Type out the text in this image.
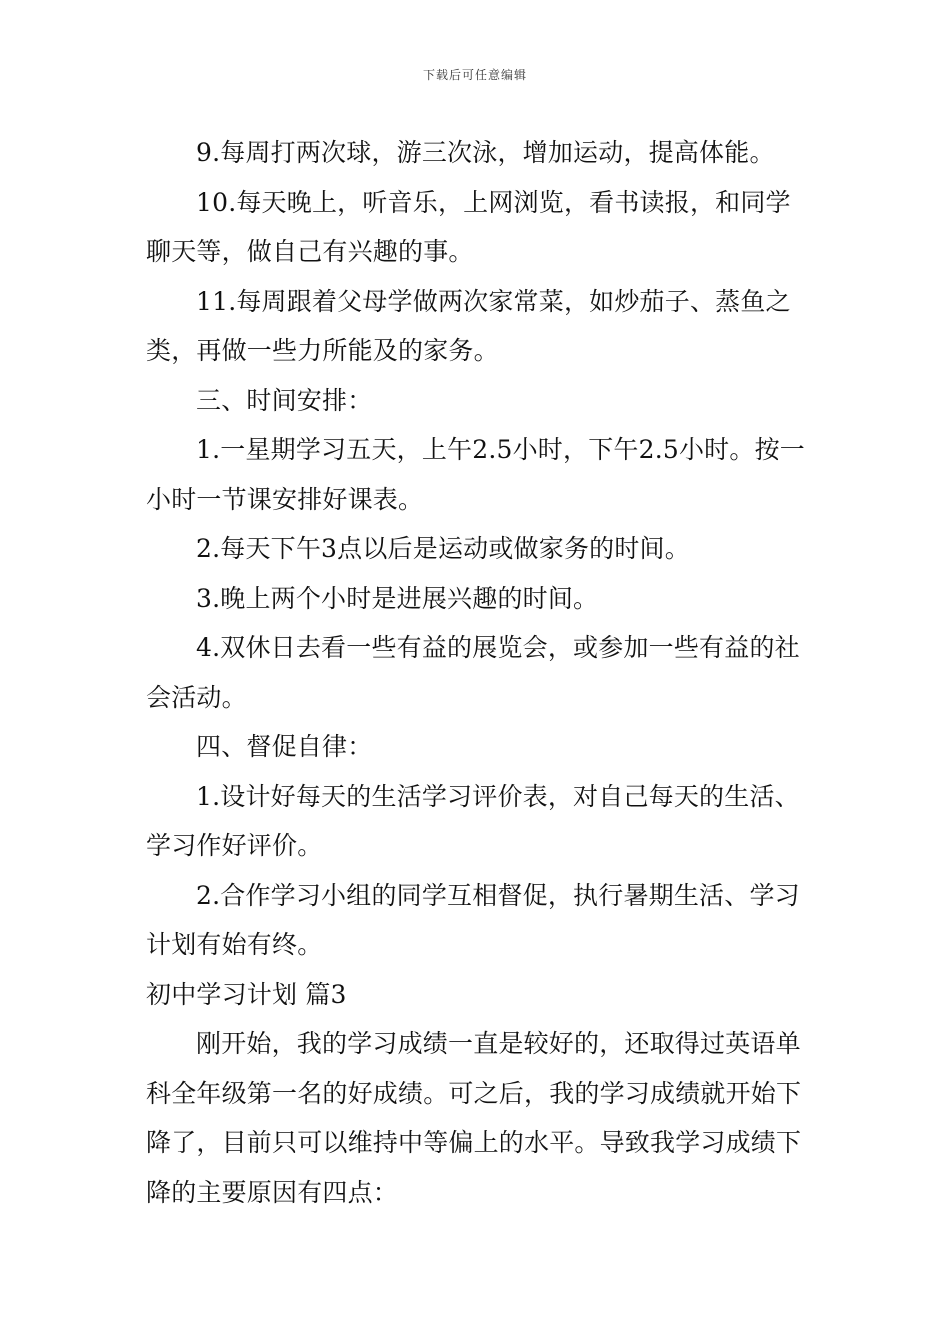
下载后可任意编辑

9.每周打两次球，游三次泳，增加运动，提高体能。

10.每天晚上，听音乐，上网浏览，看书读报，和同学聊天等，做自己有兴趣的事。

11.每周跟着父母学做两次家常菜，如炒茄子、蒸鱼之类，再做一些力所能及的家务。

三、时间安排：

1.一星期学习五天，上午2.5小时，下午2.5小时。按一小时一节课安排好课表。

2.每天下午3点以后是运动或做家务的时间。

3.晚上两个小时是进展兴趣的时间。

4.双休日去看一些有益的展览会，或参加一些有益的社会活动。

四、督促自律：

1.设计好每天的生活学习评价表，对自己每天的生活、学习作好评价。

2.合作学习小组的同学互相督促，执行暑期生活、学习计划有始有终。

初中学习计划 篇3

刚开始，我的学习成绩一直是较好的，还取得过英语单科全年级第一名的好成绩。可之后，我的学习成绩就开始下降了，目前只可以维持中等偏上的水平。导致我学习成绩下降的主要原因有四点：
